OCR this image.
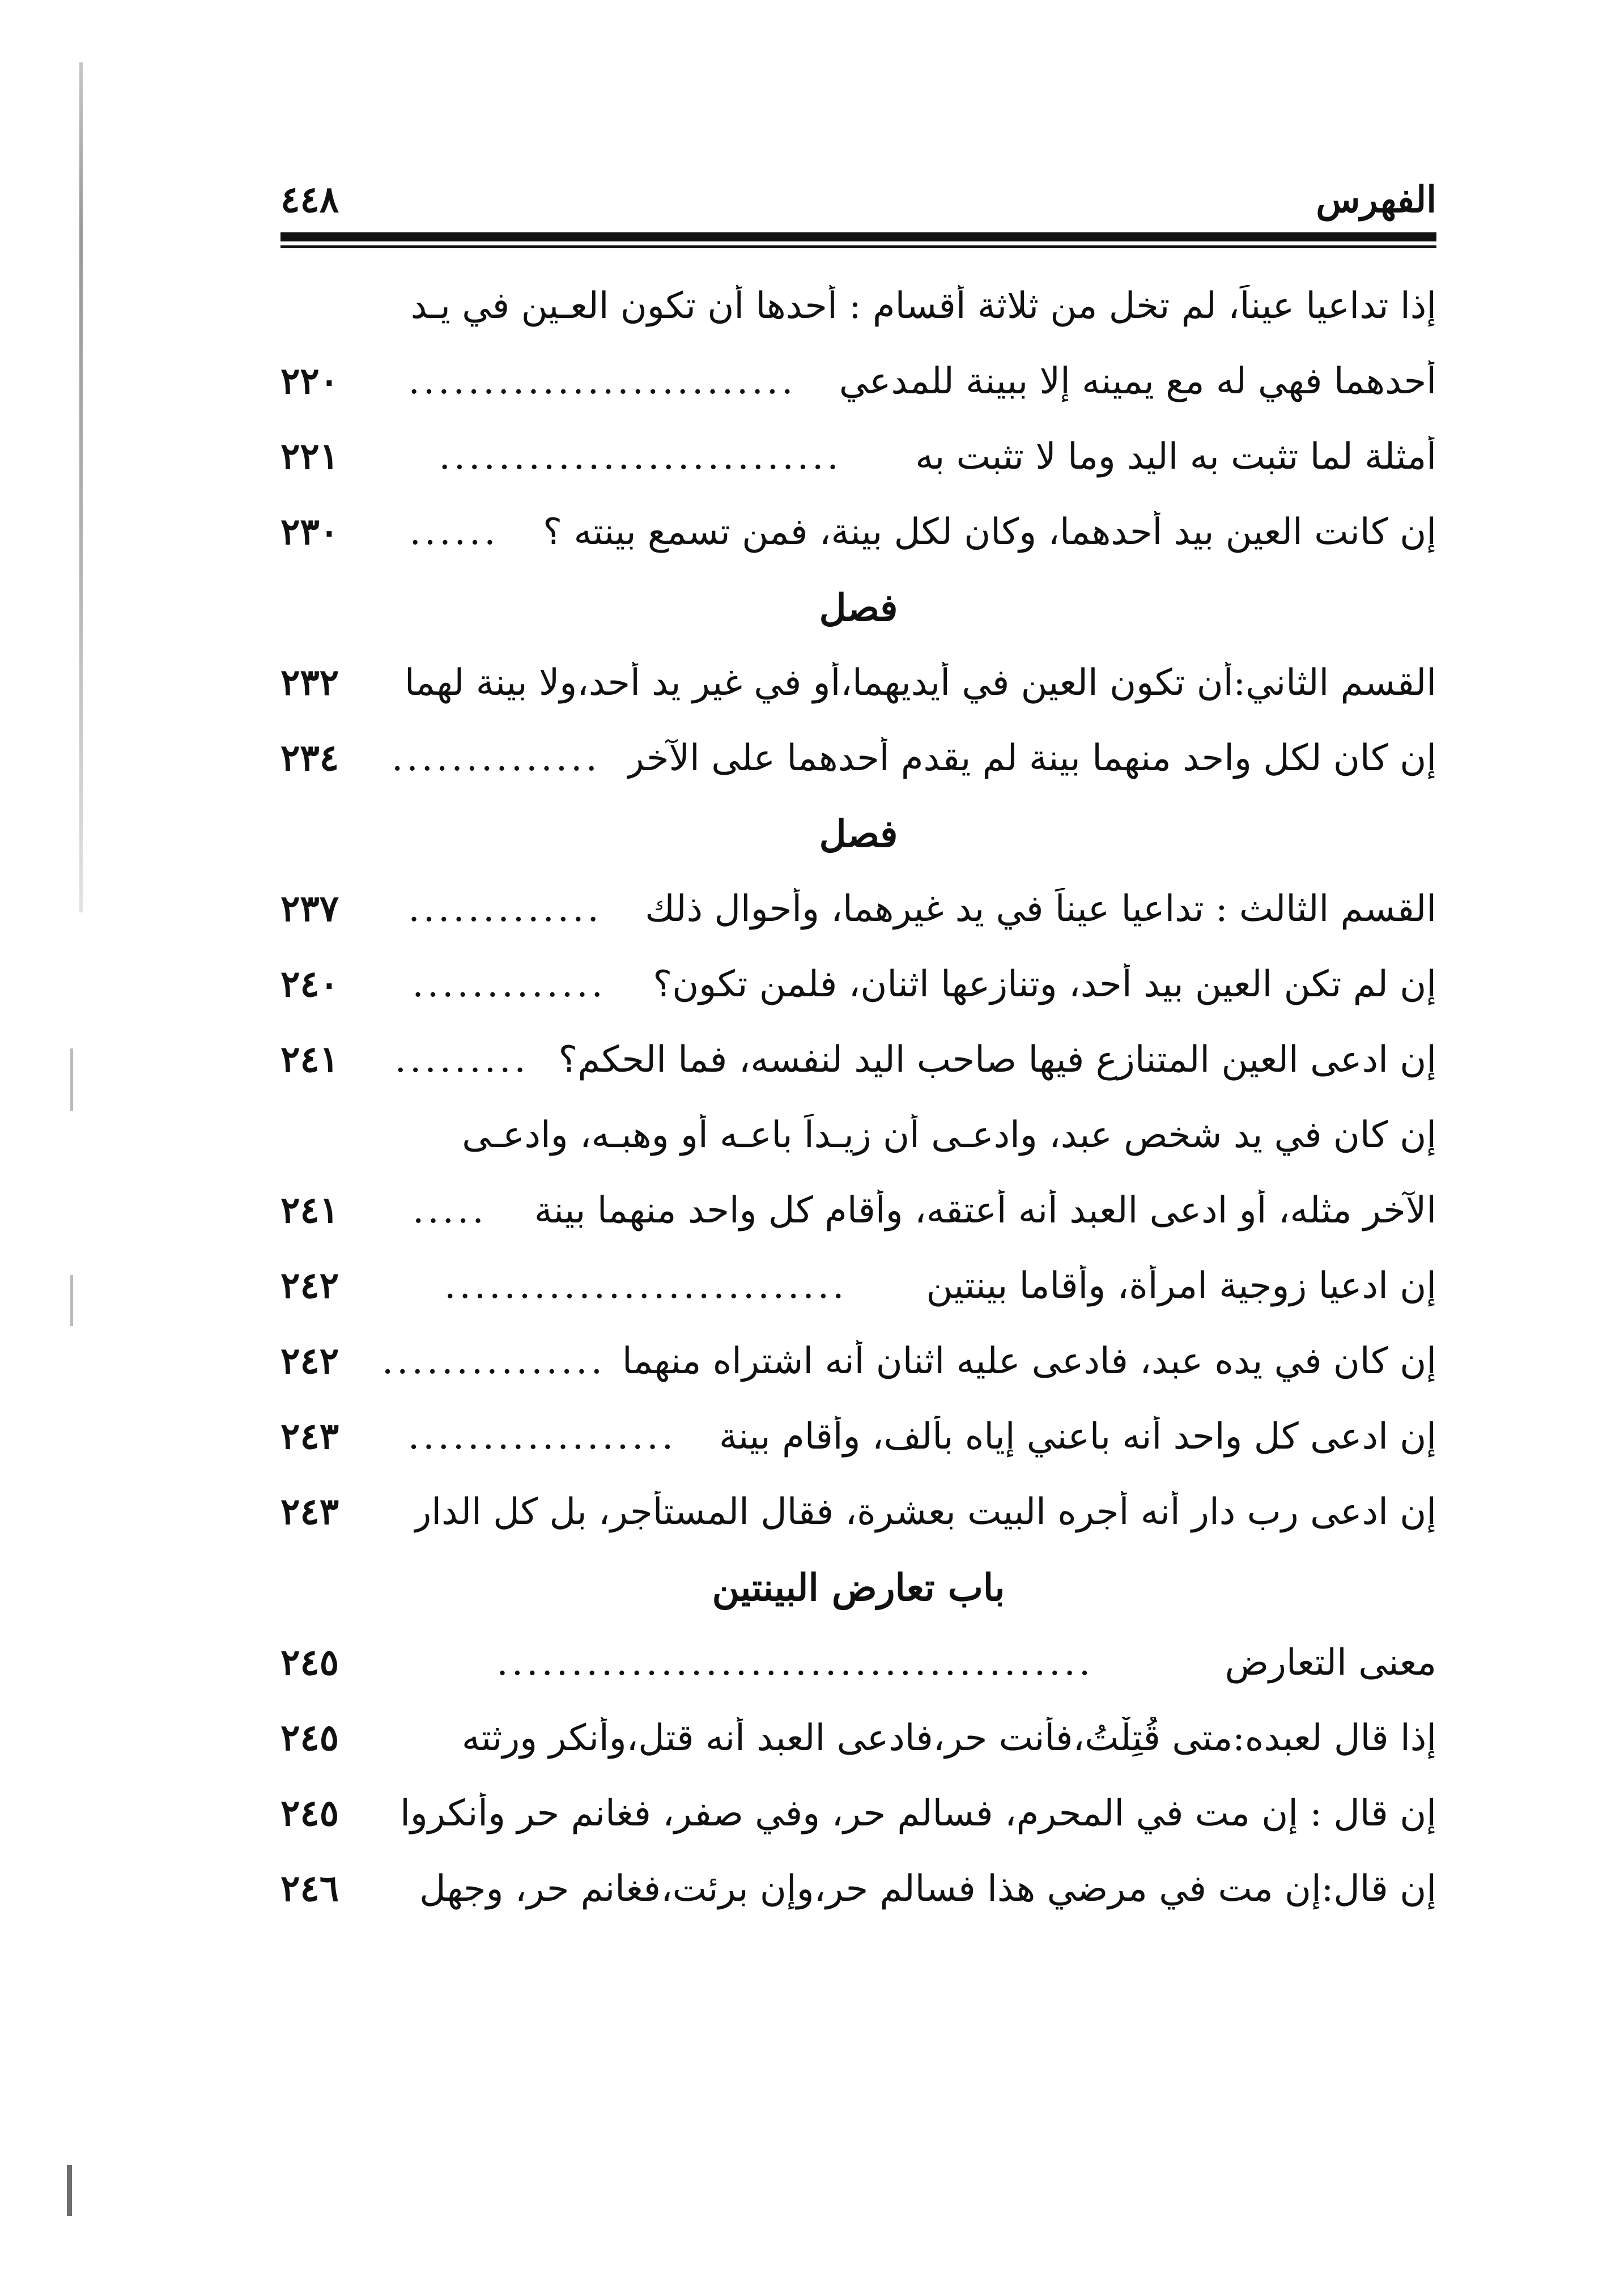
الفهرس
٤٤٨
إذا تداعيا عيناً، لم تخل من ثلاثة أقسام : أحدها أن تكون العـين في يـد
أحدهما فهي له مع يمينه إلا ببينة للمدعي
..........................
٢٢٠
أمثلة لما تثبت به اليد وما لا تثبت به
...........................
٢٢١
إن كانت العين بيد أحدهما، وكان لكل بينة، فمن تسمع بينته ؟
......
٢٣٠
فصل
القسم الثاني:أن تكون العين في أيديهما،أو في غير يد أحد،ولا بينة لهما
٢٣٢
إن كان لكل واحد منهما بينة لم يقدم أحدهما على الآخر
..............
٢٣٤
فصل
القسم الثالث : تداعيا عيناً في يد غيرهما، وأحوال ذلك
.............
٢٣٧
إن لم تكن العين بيد أحد، وتنازعها اثنان، فلمن تكون؟
.............
٢٤٠
إن ادعى العين المتنازع فيها صاحب اليد لنفسه، فما الحكم؟
.........
٢٤١
إن كان في يد شخص عبد، وادعـى أن زيـداً باعـه أو وهبـه، وادعـى
الآخر مثله، أو ادعى العبد أنه أعتقه، وأقام كل واحد منهما بينة
.....
٢٤١
إن ادعيا زوجية امرأة، وأقاما بينتين
...........................
٢٤٢
إن كان في يده عبد، فادعى عليه اثنان أنه اشتراه منهما
...............
٢٤٢
إن ادعى كل واحد أنه باعني إياه بألف، وأقام بينة
..................
٢٤٣
إن ادعى رب دار أنه أجره البيت بعشرة، فقال المستأجر، بل كل الدار
٢٤٣
باب تعارض البينتين
معنى التعارض
........................................
٢٤٥
إذا قال لعبده:متى قُتِلْتُ،فأنت حر،فادعى العبد أنه قتل،وأنكر ورثته
٢٤٥
إن قال : إن مت في المحرم، فسالم حر، وفي صفر، فغانم حر وأنكروا
٢٤٥
إن قال:إن مت في مرضي هذا فسالم حر،وإن برئت،فغانم حر، وجهل
٢٤٦
